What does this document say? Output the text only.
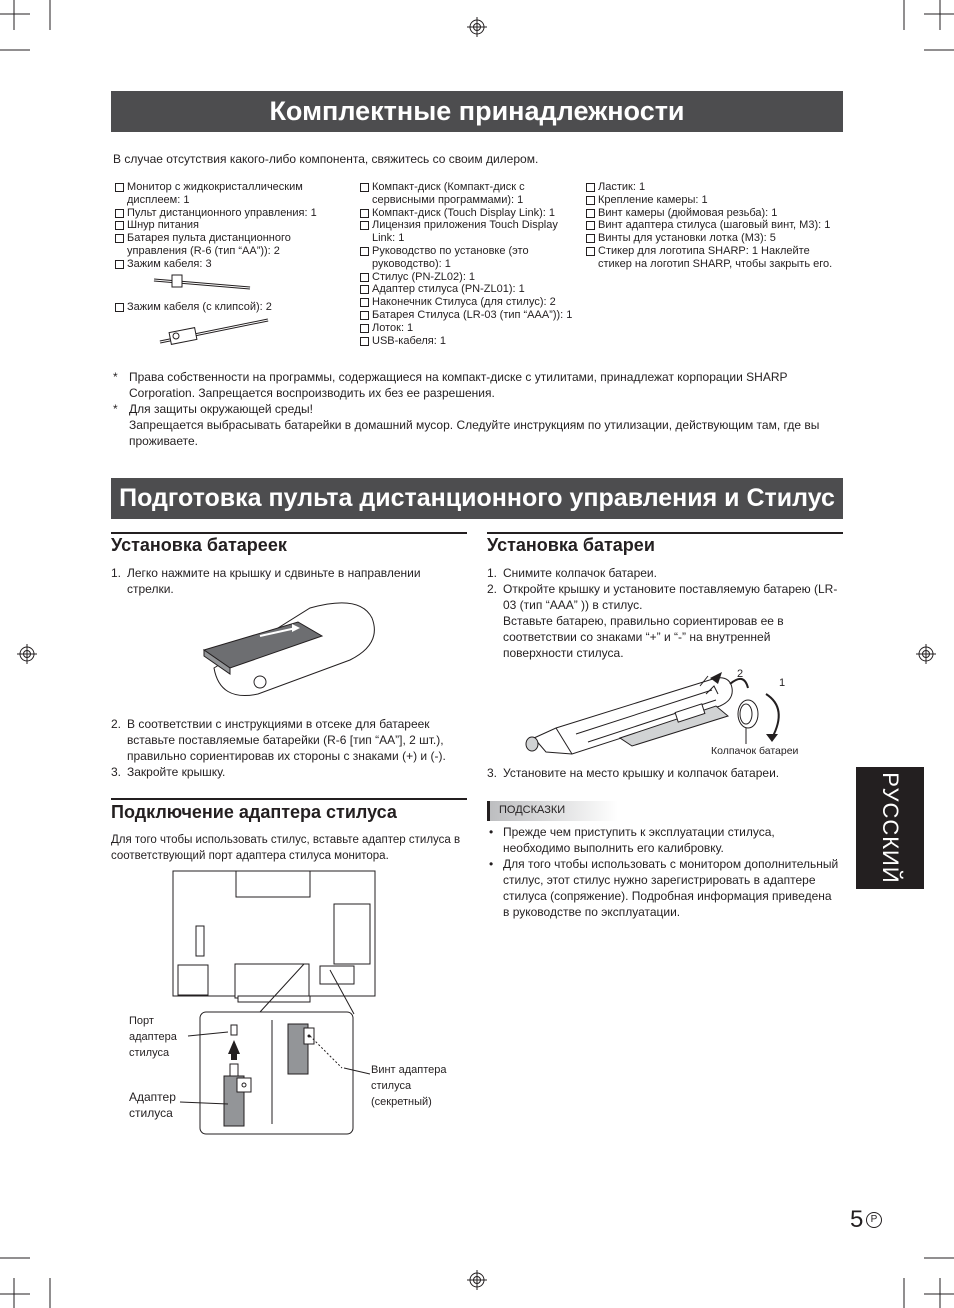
Комплектные принадлежности
В случае отсутствия какого-либо компонента, свяжитесь со своим дилером.
Монитор с жидкокристаллическим дисплеем: 1
Пульт дистанционного управления: 1
Шнур питания
Батарея пульта дистанционного управления (R-6 (тип “AA”)): 2
Зажим кабеля: 3
Зажим кабеля (с клипсой): 2
Компакт-диск (Компакт-диск с сервисными программами): 1
Компакт-диск (Touch Display Link): 1
Лицензия приложения Touch Display Link: 1
Руководство по установке (это руководство): 1
Стилус (PN-ZL02): 1
Адаптер стилуса (PN-ZL01): 1
Наконечник Стилуса (для стилус): 2
Батарея Стилуса (LR-03 (тип “AAA”)): 1
Лоток: 1
USB-кабеля: 1
Ластик: 1
Крепление камеры: 1
Винт камеры (дюймовая резьба): 1
Винт адаптера стилуса (шаговый винт, M3): 1
Винты для установки лотка (M3): 5
Стикер для логотипа SHARP: 1 Наклейте стикер на логотип SHARP, чтобы закрыть его.
* Права собственности на программы, содержащиеся на компакт-диске с утилитами, принадлежат корпорации SHARP Corporation. Запрещается воспроизводить их без ее разрешения.
* Для защиты окружающей среды!
Запрещается выбрасывать батарейки в домашний мусор. Следуйте инструкциям по утилизации, действующим там, где вы проживаете.
Подготовка пульта дистанционного управления и Стилус
Установка батареек
1. Легко нажмите на крышку и сдвиньте в направлении стрелки.
2. В соответствии с инструкциями в отсеке для батареек вставьте поставляемые батарейки (R-6 [тип “AA”], 2 шт.), правильно сориентировав их стороны с знаками (+) и (-).
3. Закройте крышку.
Подключение адаптера стилуса
Для того чтобы использовать стилус, вставьте адаптер стилуса в соответствующий порт адаптера стилуса монитора.
Порт адаптера стилуса
Адаптер стилуса
Винт адаптера стилуса (секретный)
Установка батареи
1. Снимите колпачок батареи.
2. Откройте крышку и установите поставляемую батарею (LR-03 (тип “AAA” )) в стилус.
Вставьте батарею, правильно сориентировав ее в соответствии со знаками “+” и “-” на внутренней поверхности стилуса.
2
1
Колпачок батареи
3. Установите на место крышку и колпачок батареи.
ПОДСКАЗКИ
• Прежде чем приступить к эксплуатации стилуса, необходимо выполнить его калибровку.
• Для того чтобы использовать с монитором дополнительный стилус, этот стилус нужно зарегистрировать в адаптере стилуса (сопряжение). Подробная информация приведена в руководстве по эксплуатации.
РУССКИЙ
5 Р
